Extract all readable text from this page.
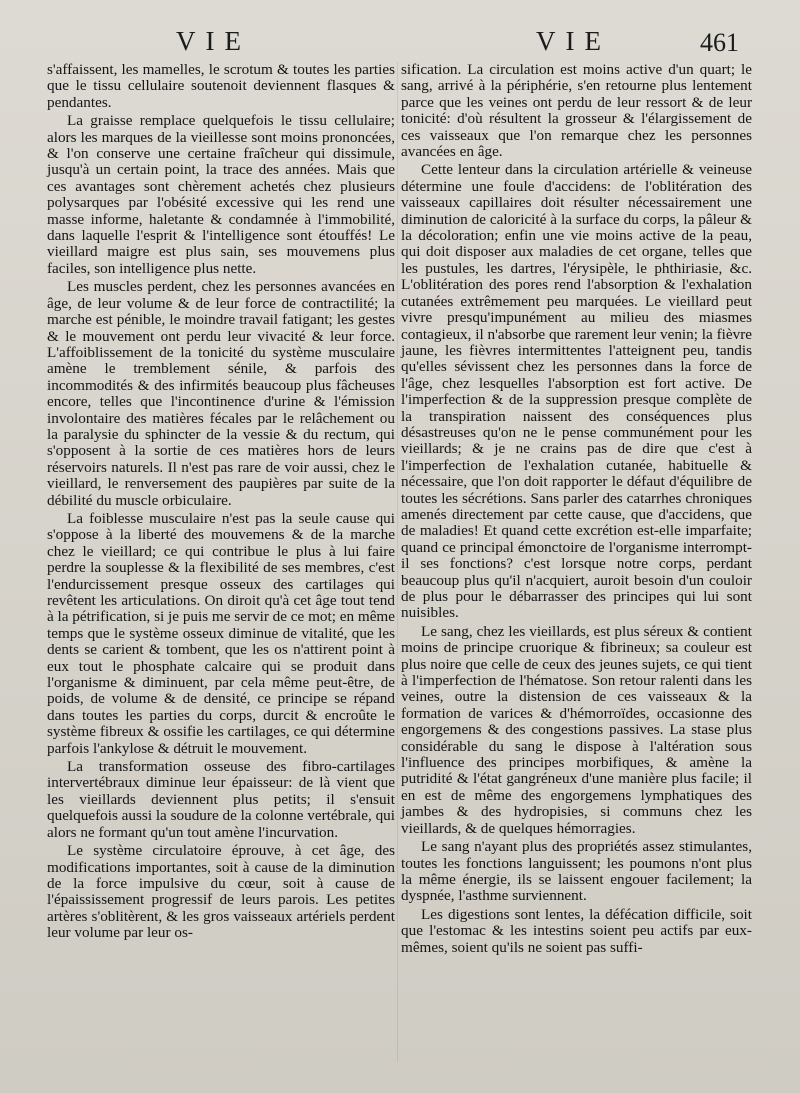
VIE	VIE	461

s'affaissent, les mamelles, le scrotum & toutes les parties que le tissu cellulaire soutenoit deviennent flasques & pendantes.

La graisse remplace quelquefois le tissu cellulaire; alors les marques de la vieillesse sont moins prononcées, & l'on conserve une certaine fraîcheur qui dissimule, jusqu'à un certain point, la trace des années. Mais que ces avantages sont chèrement achetés chez plusieurs polysarques par l'obésité excessive qui les rend une masse informe, haletante & condamnée à l'immobilité, dans laquelle l'esprit & l'intelligence sont étouffés! Le vieillard maigre est plus sain, ses mouvemens plus faciles, son intelligence plus nette.

Les muscles perdent, chez les personnes avancées en âge, de leur volume & de leur force de contractilité; la marche est pénible, le moindre travail fatigant; les gestes & le mouvement ont perdu leur vivacité & leur force. L'affoiblissement de la tonicité du système musculaire amène le tremblement sénile, & parfois des incommodités & des infirmités beaucoup plus fâcheuses encore, telles que l'incontinence d'urine & l'émission involontaire des matières fécales par le relâchement ou la paralysie du sphincter de la vessie & du rectum, qui s'opposent à la sortie de ces matières hors de leurs réservoirs naturels. Il n'est pas rare de voir aussi, chez le vieillard, le renversement des paupières par suite de la débilité du muscle orbiculaire.

La foiblesse musculaire n'est pas la seule cause qui s'oppose à la liberté des mouvemens & de la marche chez le vieillard; ce qui contribue le plus à lui faire perdre la souplesse & la flexibilité de ses membres, c'est l'endurcissement presque osseux des cartilages qui revêtent les articulations. On diroit qu'à cet âge tout tend à la pétrification, si je puis me servir de ce mot; en même temps que le système osseux diminue de vitalité, que les dents se carient & tombent, que les os n'attirent point à eux tout le phosphate calcaire qui se produit dans l'organisme & diminuent, par cela même peut-être, de poids, de volume & de densité, ce principe se répand dans toutes les parties du corps, durcit & encroûte le système fibreux & ossifie les cartilages, ce qui détermine parfois l'ankylose & détruit le mouvement.

La transformation osseuse des fibro-cartilages intervertébraux diminue leur épaisseur: de là vient que les vieillards deviennent plus petits; il s'ensuit quelquefois aussi la soudure de la colonne vertébrale, qui alors ne formant qu'un tout amène l'incurvation.

Le système circulatoire éprouve, à cet âge, des modifications importantes, soit à cause de la diminution de la force impulsive du cœur, soit à cause de l'épaississement progressif de leurs parois. Les petites artères s'oblitèrent, & les gros vaisseaux artériels perdent leur volume par leur os-

sification. La circulation est moins active d'un quart; le sang, arrivé à la périphérie, s'en retourne plus lentement parce que les veines ont perdu de leur ressort & de leur tonicité: d'où résultent la grosseur & l'élargissement de ces vaisseaux que l'on remarque chez les personnes avancées en âge.

Cette lenteur dans la circulation artérielle & veineuse détermine une foule d'accidens: de l'oblitération des vaisseaux capillaires doit résulter nécessairement une diminution de caloricité à la surface du corps, la pâleur & la décoloration; enfin une vie moins active de la peau, qui doit disposer aux maladies de cet organe, telles que les pustules, les dartres, l'érysipèle, le phthiriasie, &c. L'oblitération des pores rend l'absorption & l'exhalation cutanées extrêmement peu marquées. Le vieillard peut vivre presqu'impunément au milieu des miasmes contagieux, il n'absorbe que rarement leur venin; la fièvre jaune, les fièvres intermittentes l'atteignent peu, tandis qu'elles sévissent chez les personnes dans la force de l'âge, chez lesquelles l'absorption est fort active. De l'imperfection & de la suppression presque complète de la transpiration naissent des conséquences plus désastreuses qu'on ne le pense communément pour les vieillards; & je ne crains pas de dire que c'est à l'imperfection de l'exhalation cutanée, habituelle & nécessaire, que l'on doit rapporter le défaut d'équilibre de toutes les sécrétions. Sans parler des catarrhes chroniques amenés directement par cette cause, que d'accidens, que de maladies! Et quand cette excrétion est-elle imparfaite; quand ce principal émonctoire de l'organisme interrompt-il ses fonctions? c'est lorsque notre corps, perdant beaucoup plus qu'il n'acquiert, auroit besoin d'un couloir de plus pour le débarrasser des principes qui lui sont nuisibles.

Le sang, chez les vieillards, est plus séreux & contient moins de principe cruorique & fibrineux; sa couleur est plus noire que celle de ceux des jeunes sujets, ce qui tient à l'imperfection de l'hématose. Son retour ralenti dans les veines, outre la distension de ces vaisseaux & la formation de varices & d'hémorroïdes, occasionne des engorgemens & des congestions passives. La stase plus considérable du sang le dispose à l'altération sous l'influence des principes morbifiques, & amène la putridité & l'état gangréneux d'une manière plus facile; il en est de même des engorgemens lymphatiques des jambes & des hydropisies, si communs chez les vieillards, & de quelques hémorragies.

Le sang n'ayant plus des propriétés assez stimulantes, toutes les fonctions languissent; les poumons n'ont plus la même énergie, ils se laissent engouer facilement; la dyspnée, l'asthme surviennent.

Les digestions sont lentes, la défécation difficile, soit que l'estomac & les intestins soient peu actifs par eux-mêmes, soient qu'ils ne soient pas suffi-
